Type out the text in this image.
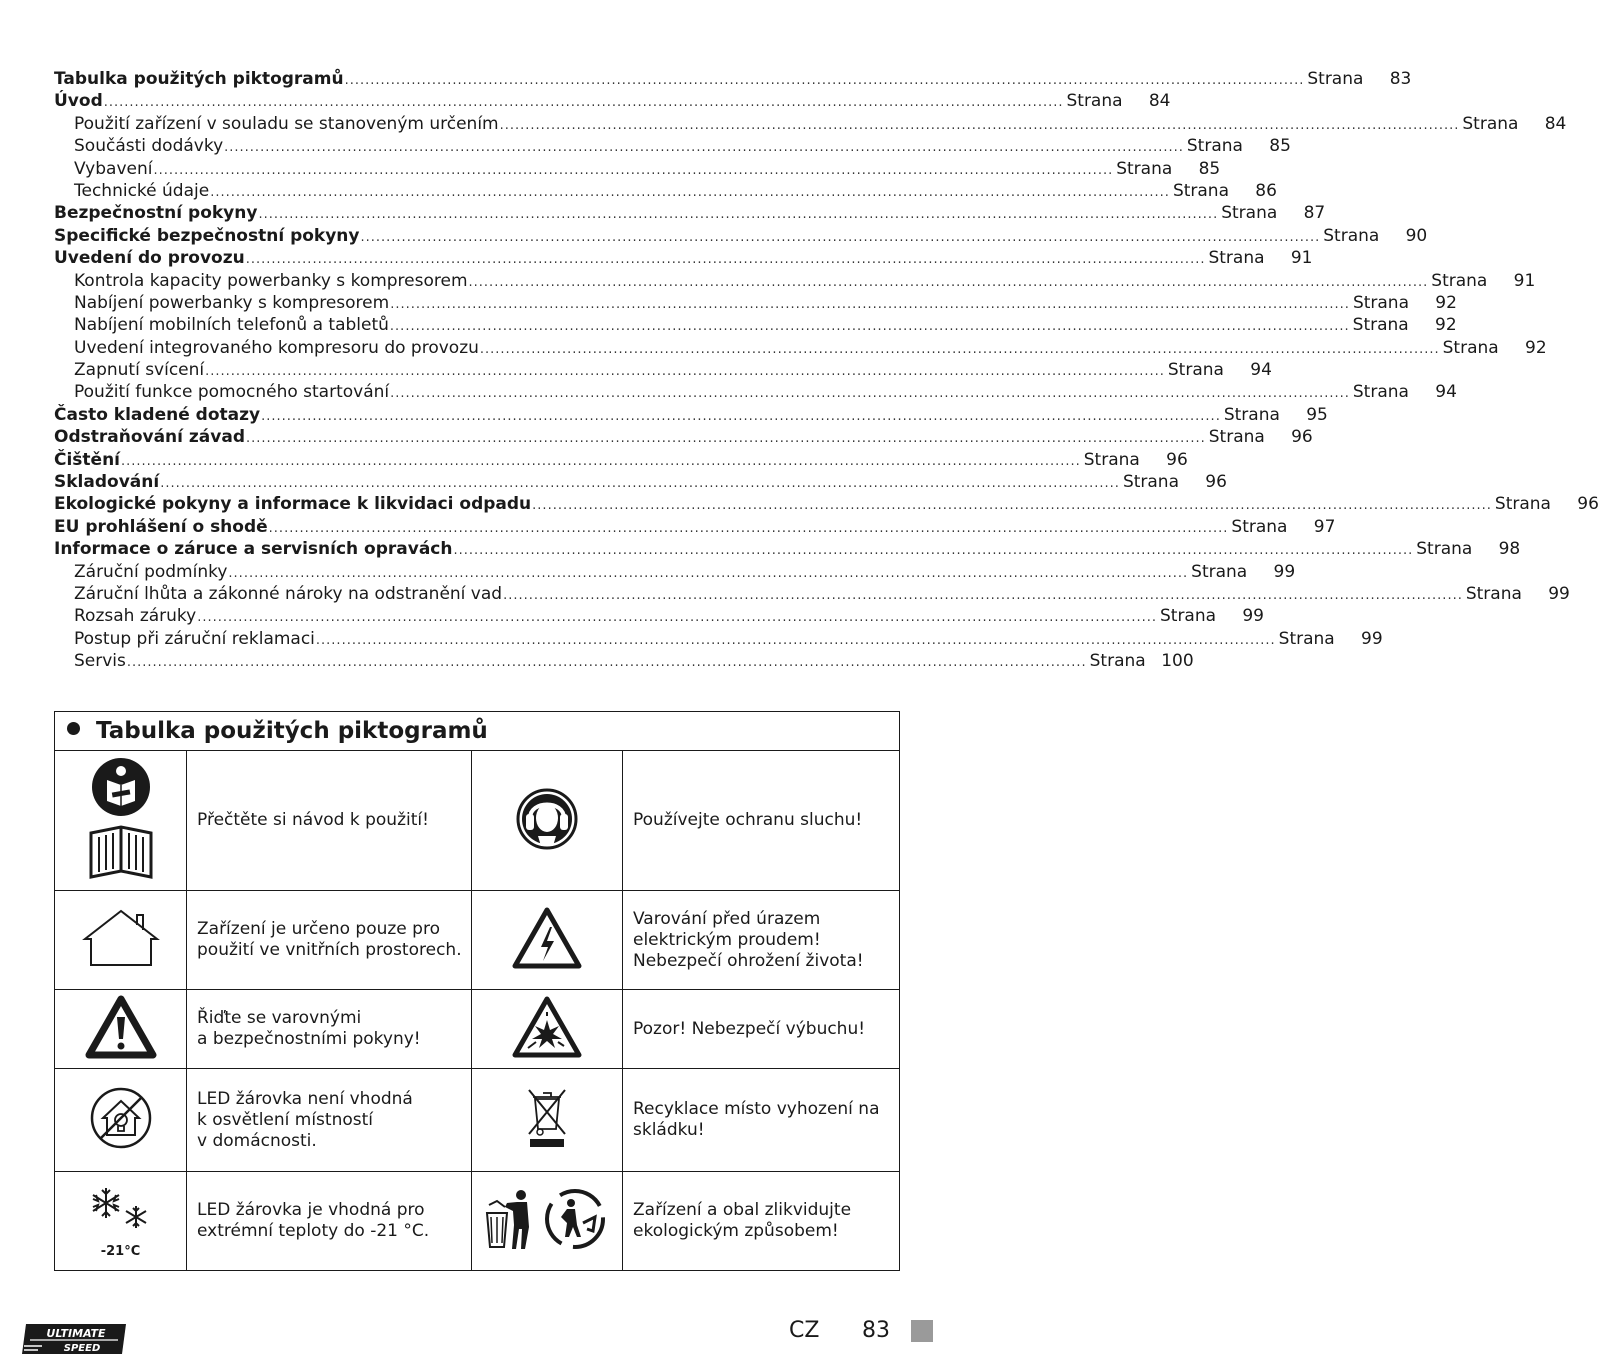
Tabulka použitých piktogramů ........................................................................................................................................................................................... Strana	83
Úvod ........................................................................................................................................................................................... Strana	84
Použití zařízení v souladu se stanoveným určením ........................................................................................................................................................................................... Strana	84
Součásti dodávky ........................................................................................................................................................................................... Strana	85
Vybavení ........................................................................................................................................................................................... Strana	85
Technické údaje ........................................................................................................................................................................................... Strana	86
Bezpečnostní pokyny ........................................................................................................................................................................................... Strana	87
Specifické bezpečnostní pokyny ........................................................................................................................................................................................... Strana	90
Uvedení do provozu ........................................................................................................................................................................................... Strana	91
Kontrola kapacity powerbanky s kompresorem ........................................................................................................................................................................................... Strana	91
Nabíjení powerbanky s kompresorem ........................................................................................................................................................................................... Strana	92
Nabíjení mobilních telefonů a tabletů ........................................................................................................................................................................................... Strana	92
Uvedení integrovaného kompresoru do provozu ........................................................................................................................................................................................... Strana	92
Zapnutí svícení ........................................................................................................................................................................................... Strana	94
Použití funkce pomocného startování ........................................................................................................................................................................................... Strana	94
Často kladené dotazy ........................................................................................................................................................................................... Strana	95
Odstraňování závad ........................................................................................................................................................................................... Strana	96
Čištění ........................................................................................................................................................................................... Strana	96
Skladování ........................................................................................................................................................................................... Strana	96
Ekologické pokyny a informace k likvidaci odpadu ........................................................................................................................................................................................... Strana	96
EU prohlášení o shodě ........................................................................................................................................................................................... Strana	97
Informace o záruce a servisních opravách ........................................................................................................................................................................................... Strana	98
Záruční podmínky ........................................................................................................................................................................................... Strana	99
Záruční lhůta a zákonné nároky na odstranění vad ........................................................................................................................................................................................... Strana	99
Rozsah záruky ........................................................................................................................................................................................... Strana	99
Postup při záruční reklamaci ........................................................................................................................................................................................... Strana	99
Servis ........................................................................................................................................................................................... Strana 100
Tabulka použitých piktogramů			

Přečtěte si návod k použití!		Používejte ochranu sluchu!

Zařízení je určeno pouze pro
použití ve vnitřních prostorech.		Varování před úrazem
elektrickým proudem!
Nebezpečí ohrožení života!

Řiďte se varovnými
a bezpečnostními pokyny!		Pozor! Nebezpečí výbuchu!

LED žárovka není vhodná
k osvětlení místností
v domácnosti.		Recyklace místo vyhození na
skládku!

-21°C	LED žárovka je vhodná pro
extrémní teploty do -21 °C.		Zařízení a obal zlikvidujte
ekologickým způsobem!
ULTIMATE
SPEED
CZ 83
